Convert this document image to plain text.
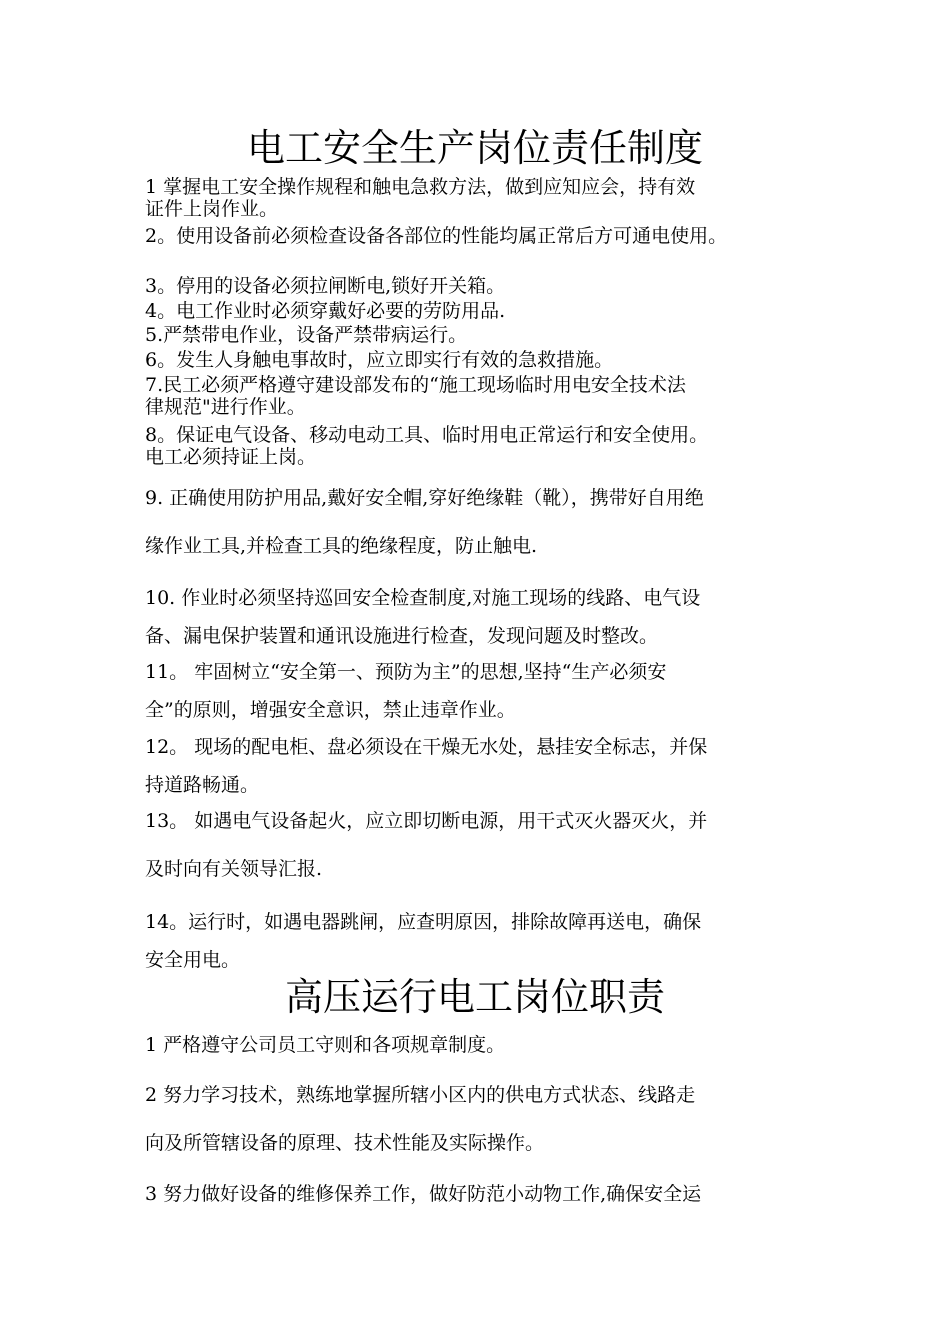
电工安全生产岗位责任制度
1 掌握电工安全操作规程和触电急救方法，做到应知应会，持有效
证件上岗作业。
2。使用设备前必须检查设备各部位的性能均属正常后方可通电使用。
3。停用的设备必须拉闸断电,锁好开关箱。
4。电工作业时必须穿戴好必要的劳防用品.
5.严禁带电作业，设备严禁带病运行。
6。发生人身触电事故时，应立即实行有效的急救措施。
7.民工必须严格遵守建设部发布的“施工现场临时用电安全技术法
律规范"进行作业。
8。保证电气设备、移动电动工具、临时用电正常运行和安全使用。
电工必须持证上岗。
9. 正确使用防护用品,戴好安全帽,穿好绝缘鞋（靴），携带好自用绝
缘作业工具,并检查工具的绝缘程度，防止触电.
10. 作业时必须坚持巡回安全检查制度,对施工现场的线路、电气设
备、漏电保护装置和通讯设施进行检查，发现问题及时整改。
11。 牢固树立“安全第一、预防为主”的思想,坚持“生产必须安
全”的原则，增强安全意识，禁止违章作业。
12。 现场的配电柜、盘必须设在干燥无水处，悬挂安全标志，并保
持道路畅通。
13。 如遇电气设备起火，应立即切断电源，用干式灭火器灭火，并
及时向有关领导汇报.
14。运行时，如遇电器跳闸，应查明原因，排除故障再送电，确保
安全用电。
高压运行电工岗位职责
1 严格遵守公司员工守则和各项规章制度。
2 努力学习技术，熟练地掌握所辖小区内的供电方式状态、线路走
向及所管辖设备的原理、技术性能及实际操作。
3 努力做好设备的维修保养工作，做好防范小动物工作,确保安全运
